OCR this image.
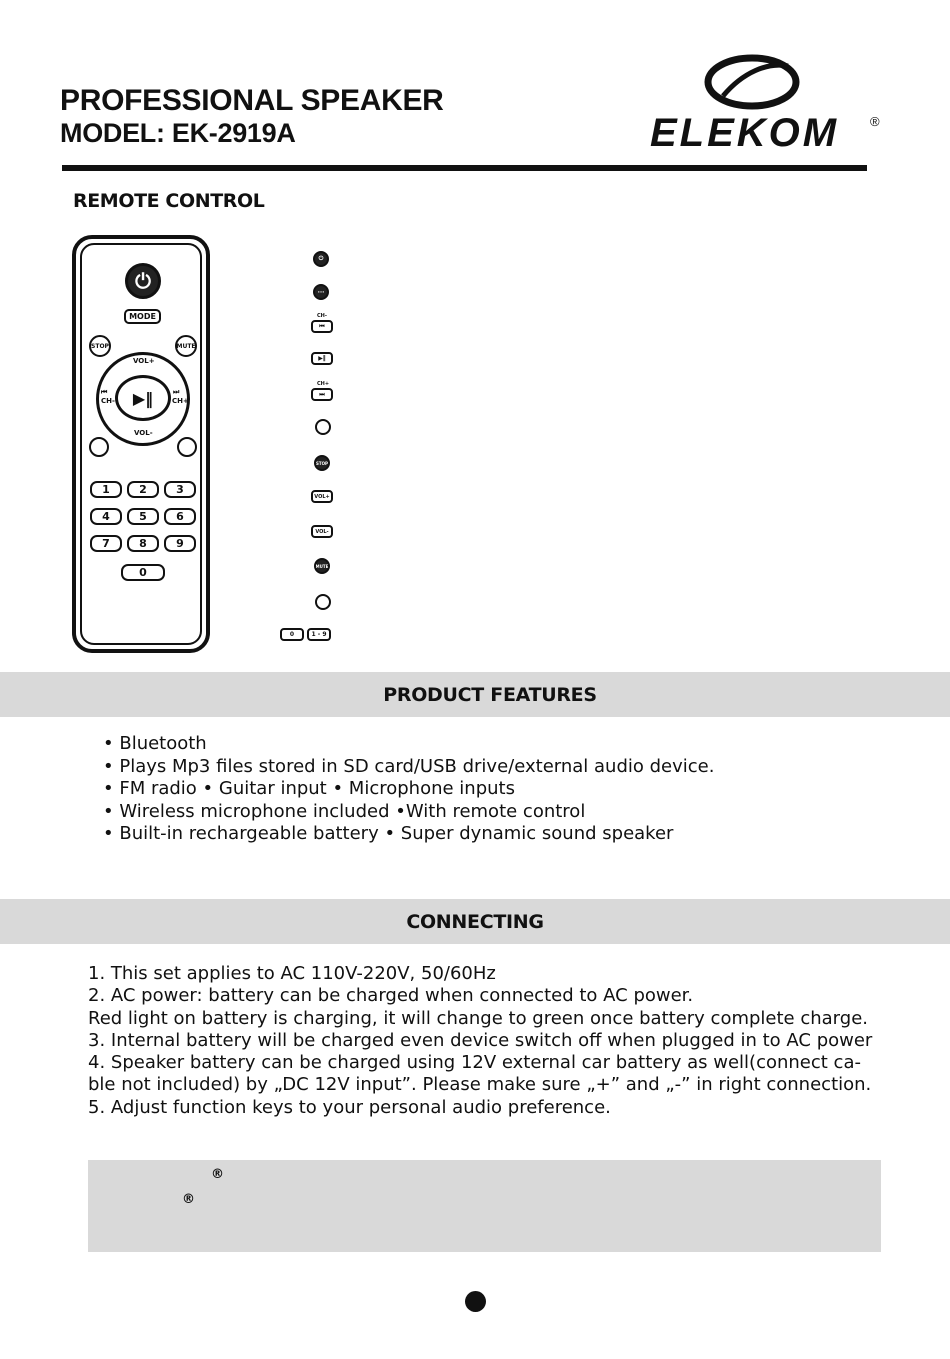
PROFESSIONAL SPEAKER
MODEL: EK-2919A	ELEKOM ®
REMOTE CONTROL
⏻
MODE
STOP	MUTE
VOL+
VOL-
⏮
CH-
⏭
CH+
▶‖
1	2	3
4	5	6
7	8	9
0
⏻
···
⏮
CH-
▶‖
⏭
CH+
STOP
VOL+
VOL-
MUTE
0	1 - 9
PRODUCT FEATURES
• Bluetooth
• Plays Mp3 files stored in SD card/USB drive/external audio device.
• FM radio • Guitar input • Microphone inputs
• Wireless microphone included •With remote control
• Built-in rechargeable battery • Super dynamic sound speaker
CONNECTING
1. This set applies to AC 110V-220V, 50/60Hz
2. AC power: battery can be charged when connected to AC power.
Red light on battery is charging, it will change to green once battery complete charge.
3. Internal battery will be charged even device switch off when plugged in to AC power
4. Speaker battery can be charged using 12V external car battery as well(connect ca-
ble not included) by „DC 12V input”. Please make sure „+” and „-” in right connection.
5. Adjust function keys to your personal audio preference.
®
®
